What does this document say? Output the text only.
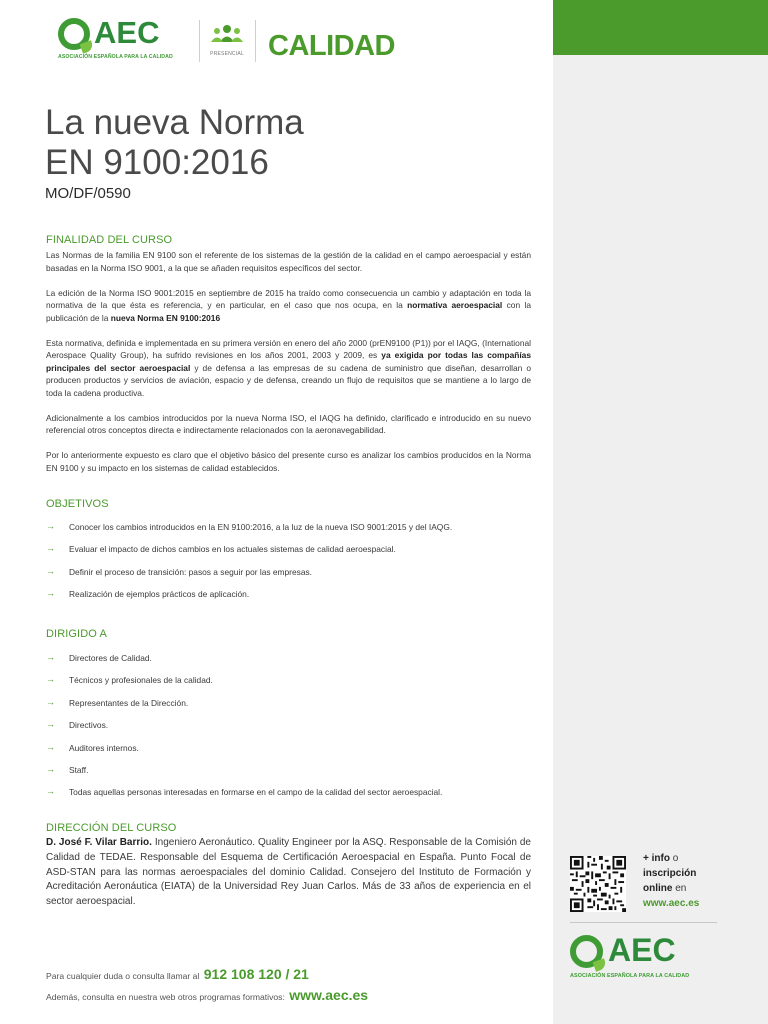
AEC
ASOCIACIÓN ESPAÑOLA PARA LA CALIDAD	PRESENCIAL CALIDAD
La nueva Norma
EN 9100:2016
MO/DF/0590
FINALIDAD DEL CURSO

Las Normas de la familia EN 9100 son el referente de los sistemas de la gestión de la calidad en el campo aeroespacial y están basadas en la Norma ISO 9001, a la que se añaden requisitos específicos del sector.

La edición de la Norma ISO 9001:2015 en septiembre de 2015 ha traído como consecuencia un cambio y adaptación en toda la normativa de la que ésta es referencia, y en particular, en el caso que nos ocupa, en la normativa aeroespacial con la publicación de la nueva Norma EN 9100:2016

Esta normativa, definida e implementada en su primera versión en enero del año 2000 (prEN9100 (P1)) por el IAQG, (International Aerospace Quality Group), ha sufrido revisiones en los años 2001, 2003 y 2009, es ya exigida por todas las compañías principales del sector aeroespacial y de defensa a las empresas de su cadena de suministro que diseñan, desarrollan o producen productos y servicios de aviación, espacio y de defensa, creando un flujo de requisitos que se mantiene a lo largo de toda la cadena productiva.

Adicionalmente a los cambios introducidos por la nueva Norma ISO, el IAQG ha definido, clarificado e introducido en su nuevo referencial otros conceptos directa e indirectamente relacionados con la aeronavegabilidad.

Por lo anteriormente expuesto es claro que el objetivo básico del presente curso es analizar los cambios producidos en la Norma EN 9100 y su impacto en los sistemas de calidad establecidos.

OBJETIVOS
→ Conocer los cambios introducidos en la EN 9100:2016, a la luz de la nueva ISO 9001:2015 y del IAQG.
→ Evaluar el impacto de dichos cambios en los actuales sistemas de calidad aeroespacial.
→ Definir el proceso de transición: pasos a seguir por las empresas.
→ Realización de ejemplos prácticos de aplicación.
DIRIGIDO A
→ Directores de Calidad.
→ Técnicos y profesionales de la calidad.
→ Representantes de la Dirección.
→ Directivos.
→ Auditores internos.
→ Staff.
→ Todas aquellas personas interesadas en formarse en el campo de la calidad del sector aeroespacial.
DIRECCIÓN DEL CURSO
D. José F. Vilar Barrio. Ingeniero Aeronáutico. Quality Engineer por la ASQ. Responsable de la Comisión de Calidad de TEDAE. Responsable del Esquema de Certificación Aeroespacial en España. Punto Focal de ASD-STAN para las normas aeroespaciales del dominio Calidad. Consejero del Instituto de Formación y Acreditación Aeronáutica (EIATA) de la Universidad Rey Juan Carlos. Más de 33 años de experiencia en el sector aeroespacial.
Para cualquier duda o consulta llamar al 912 108 120 / 21
Además, consulta en nuestra web otros programas formativos: www.aec.es
+ info o
inscripción
online en
www.aec.es
AEC
ASOCIACIÓN ESPAÑOLA PARA LA CALIDAD
